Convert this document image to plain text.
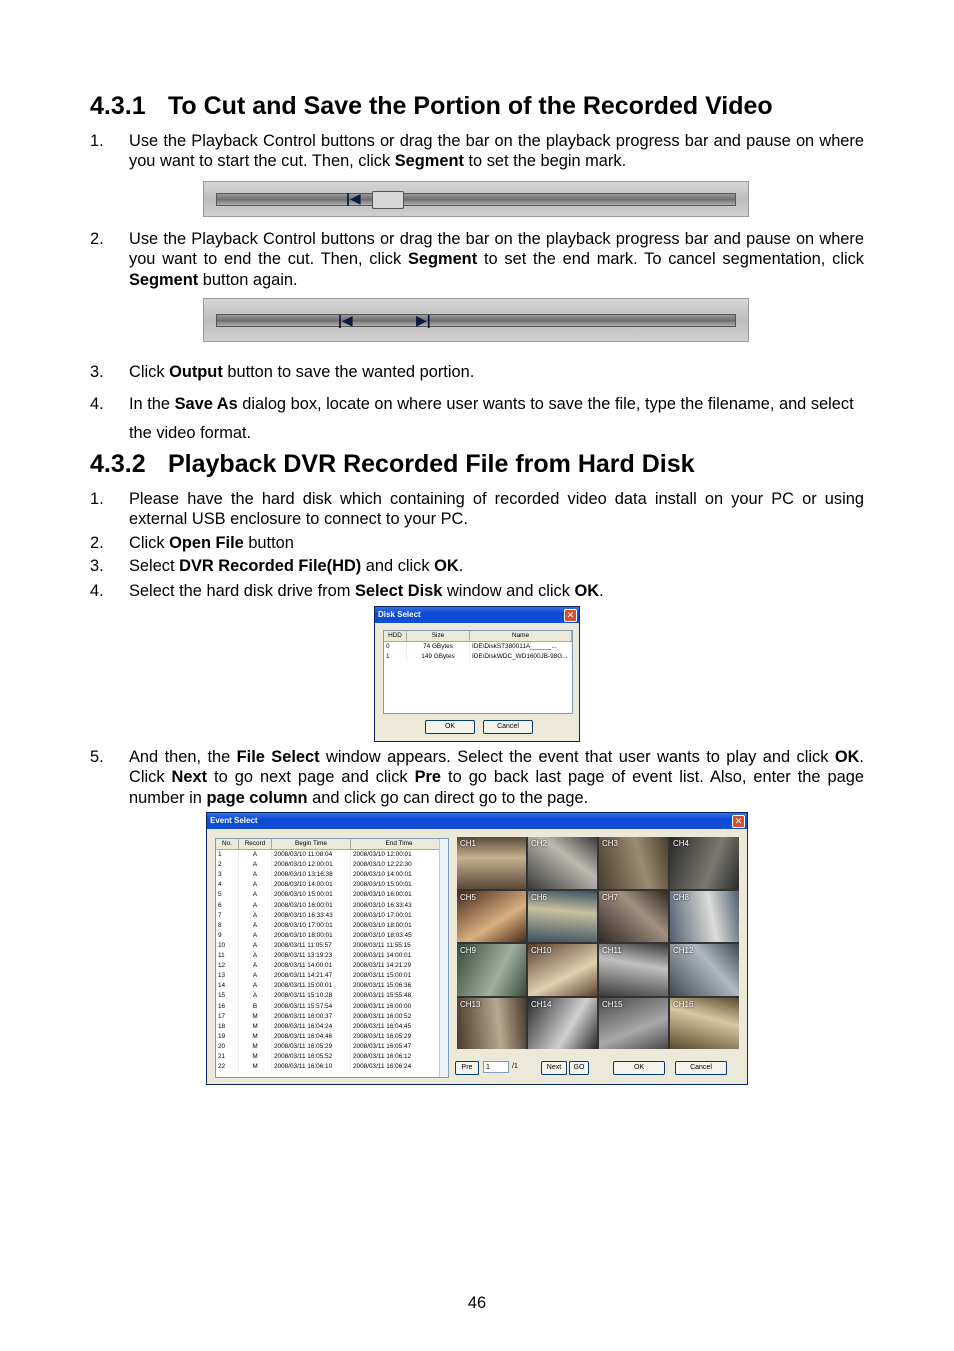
4.3.1 To Cut and Save the Portion of the Recorded Video
1. Use the Playback Control buttons or drag the bar on the playback progress bar and pause on where you want to start the cut. Then, click Segment to set the begin mark.
|◀
2. Use the Playback Control buttons or drag the bar on the playback progress bar and pause on where you want to end the cut. Then, click Segment to set the end mark. To cancel segmentation, click Segment button again.
|◀	▶|
3. Click Output button to save the wanted portion.
4. In the Save As dialog box, locate on where user wants to save the file, type the filename, and select the video format.
4.3.2 Playback DVR Recorded File from Hard Disk
1. Please have the hard disk which containing of recorded video data install on your PC or using external USB enclosure to connect to your PC.
2. Click Open File button
3. Select DVR Recorded File(HD) and click OK.
4. Select the hard disk drive from Select Disk window and click OK.
Disk Select	✕
HDD	Size	Name
0	74 GBytes	IDE\DiskST380011A______...
1	149 GBytes	IDE\DiskWDC_WD1600JB-98G...
OK	Cancel
5. And then, the File Select window appears. Select the event that user wants to play and click OK. Click Next to go next page and click Pre to go back last page of event list. Also, enter the page number in page column and click go can direct go to the page.
Event Select	✕
No.	Record	Begin Time	End Time
1	A	2008/03/10 11:08:04	2008/03/10 12:00:01
2	A	2008/03/10 12:00:01	2008/03/10 12:22:30
3	A	2008/03/10 13:16:38	2008/03/10 14:00:01
4	A	2008/03/10 14:00:01	2008/03/10 15:00:01
5	A	2008/03/10 15:00:01	2008/03/10 16:00:01
6	A	2008/03/10 16:00:01	2008/03/10 16:33:43
7	A	2008/03/10 16:33:43	2008/03/10 17:00:01
8	A	2008/03/10 17:00:01	2008/03/10 18:00:01
9	A	2008/03/10 18:00:01	2008/03/10 18:03:45
10	A	2008/03/11 11:05:57	2008/03/11 11:55:15
11	A	2008/03/11 13:19:23	2008/03/11 14:00:01
12	A	2008/03/11 14:00:01	2008/03/11 14:21:29
13	A	2008/03/11 14:21:47	2008/03/11 15:00:01
14	A	2008/03/11 15:00:01	2008/03/11 15:06:36
15	A	2008/03/11 15:10:28	2008/03/11 15:55:48
16	B	2008/03/11 15:57:54	2008/03/11 16:00:00
17	M	2008/03/11 16:00:37	2008/03/11 16:00:52
18	M	2008/03/11 16:04:24	2008/03/11 16:04:45
19	M	2008/03/11 16:04:46	2008/03/11 16:05:29
20	M	2008/03/11 16:05:29	2008/03/11 16:05:47
21	M	2008/03/11 16:05:52	2008/03/11 16:06:12
22	M	2008/03/11 16:06:10	2008/03/11 16:06:24
CH1	CH2	CH3	CH4
CH5	CH6	CH7	CH8
CH9	CH10	CH11	CH12
CH13	CH14	CH15	CH16
Pre	1	/1	Next	GO	OK	Cancel
46
